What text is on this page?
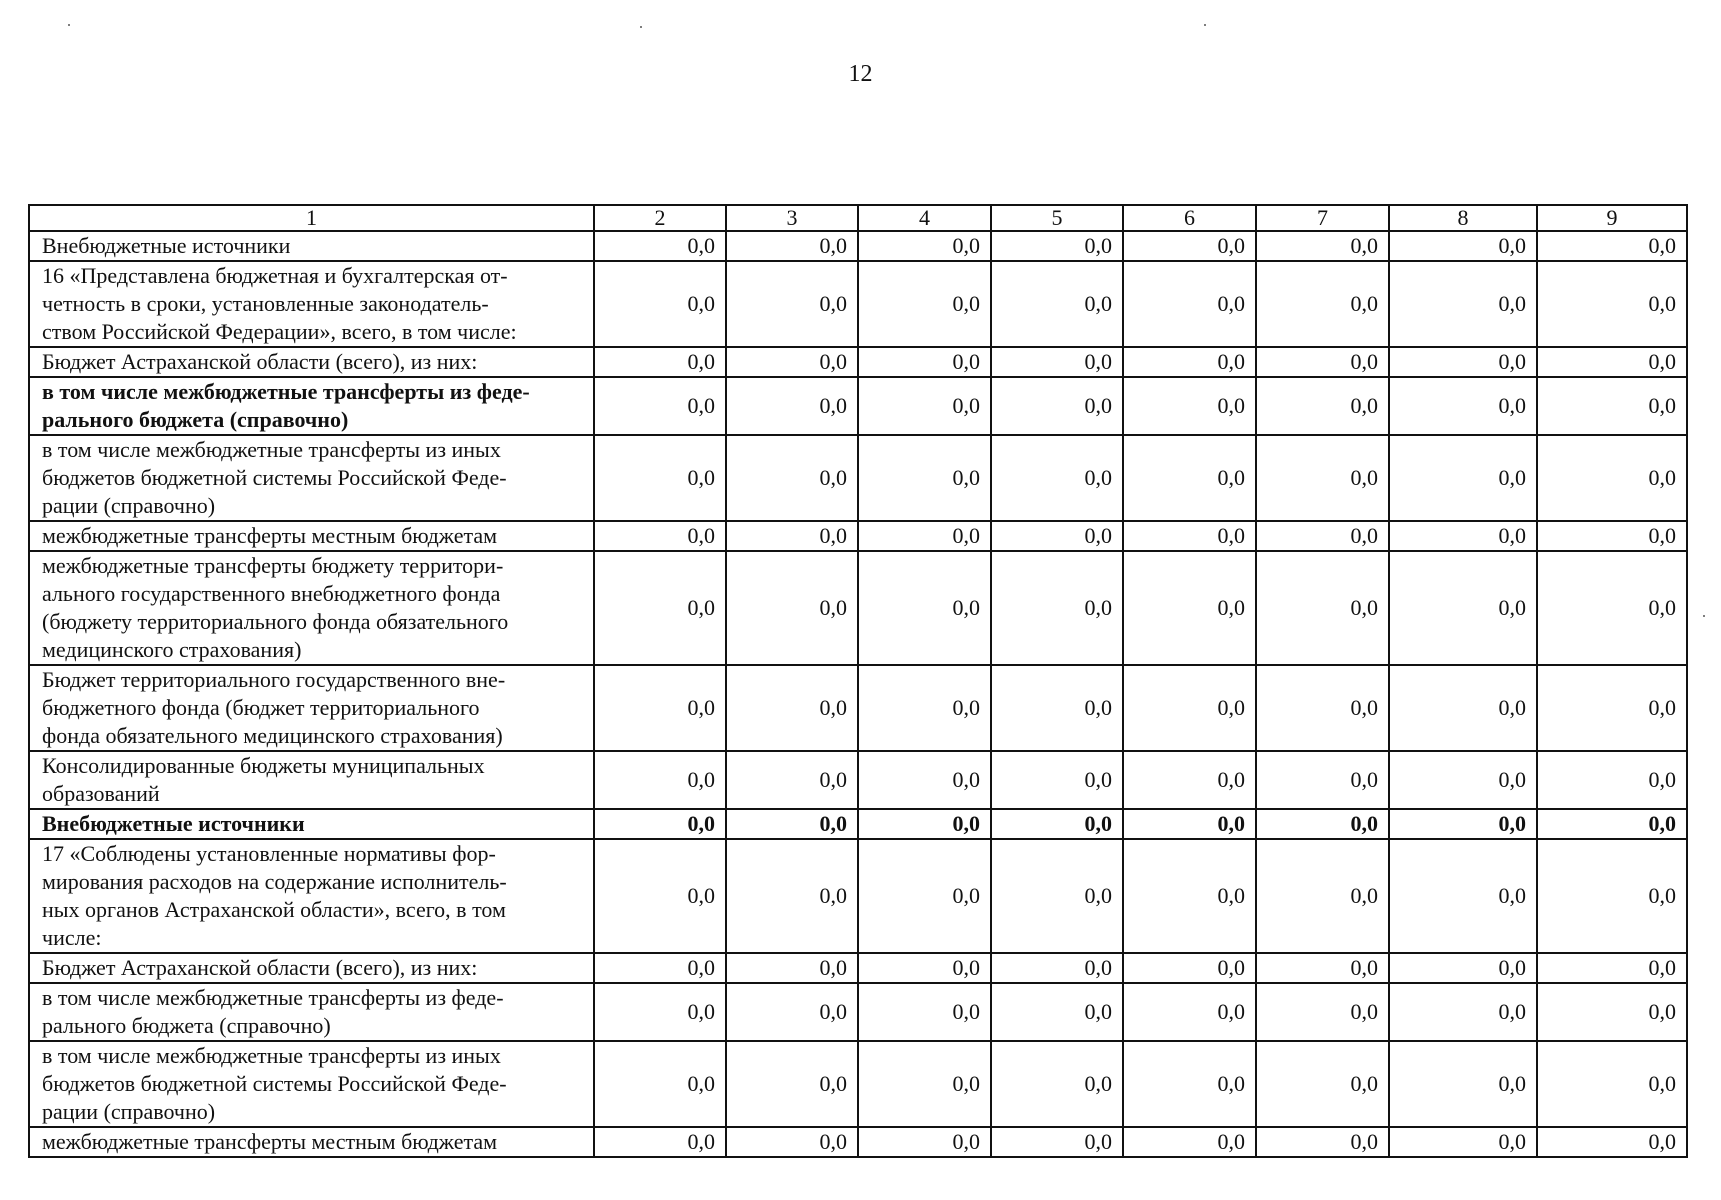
12
1	2	3	4	5	6	7	8	9
Внебюджетные источники	0,0	0,0	0,0	0,0	0,0	0,0	0,0	0,0
16 «Представлена бюджетная и бухгалтерская от-
четность в сроки, установленные законодатель-
ством Российской Федерации», всего, в том числе:	0,0	0,0	0,0	0,0	0,0	0,0	0,0	0,0
Бюджет Астраханской области (всего), из них:	0,0	0,0	0,0	0,0	0,0	0,0	0,0	0,0
в том числе межбюджетные трансферты из феде-
рального бюджета (справочно)	0,0	0,0	0,0	0,0	0,0	0,0	0,0	0,0
в том числе межбюджетные трансферты из иных
бюджетов бюджетной системы Российской Феде-
рации (справочно)	0,0	0,0	0,0	0,0	0,0	0,0	0,0	0,0
межбюджетные трансферты местным бюджетам	0,0	0,0	0,0	0,0	0,0	0,0	0,0	0,0
межбюджетные трансферты бюджету территори-
ального государственного внебюджетного фонда
(бюджету территориального фонда обязательного
медицинского страхования)	0,0	0,0	0,0	0,0	0,0	0,0	0,0	0,0
Бюджет территориального государственного вне-
бюджетного фонда (бюджет территориального
фонда обязательного медицинского страхования)	0,0	0,0	0,0	0,0	0,0	0,0	0,0	0,0
Консолидированные бюджеты муниципальных
образований	0,0	0,0	0,0	0,0	0,0	0,0	0,0	0,0
Внебюджетные источники	0,0	0,0	0,0	0,0	0,0	0,0	0,0	0,0
17 «Соблюдены установленные нормативы фор-
мирования расходов на содержание исполнитель-
ных органов Астраханской области», всего, в том
числе:	0,0	0,0	0,0	0,0	0,0	0,0	0,0	0,0
Бюджет Астраханской области (всего), из них:	0,0	0,0	0,0	0,0	0,0	0,0	0,0	0,0
в том числе межбюджетные трансферты из феде-
рального бюджета (справочно)	0,0	0,0	0,0	0,0	0,0	0,0	0,0	0,0
в том числе межбюджетные трансферты из иных
бюджетов бюджетной системы Российской Феде-
рации (справочно)	0,0	0,0	0,0	0,0	0,0	0,0	0,0	0,0
межбюджетные трансферты местным бюджетам	0,0	0,0	0,0	0,0	0,0	0,0	0,0	0,0
